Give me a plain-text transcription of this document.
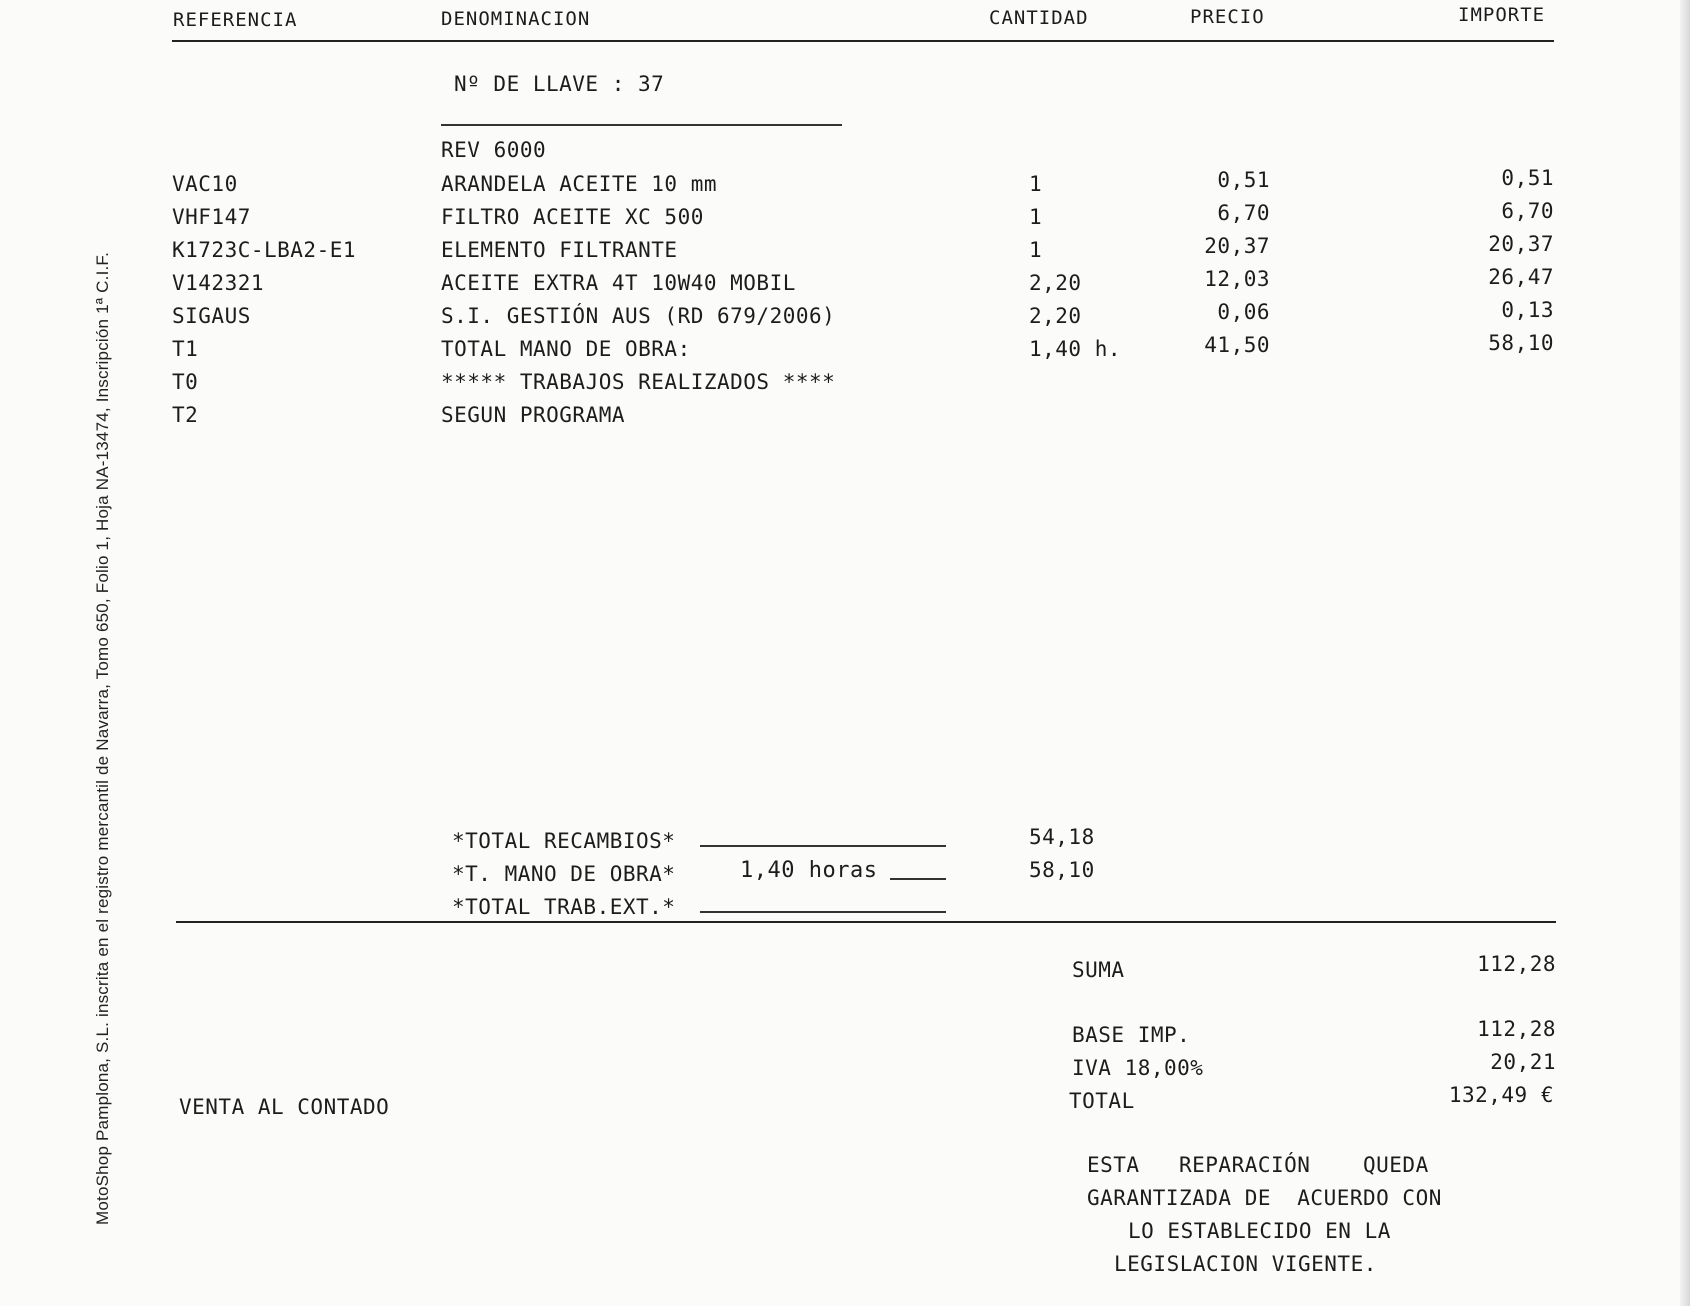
MotoShop Pamplona, S.L. inscrita en el registro mercantil de Navarra, Tomo 650, Folio 1, Hoja NA-13474, Inscripción 1ª C.I.F.
REFERENCIA	DENOMINACION	CANTIDAD	PRECIO	IMPORTE
Nº DE LLAVE : 37
REV 6000
VAC10	ARANDELA ACEITE 10 mm	1	0,51	0,51
VHF147	FILTRO ACEITE XC 500	1	6,70	6,70
K1723C-LBA2-E1	ELEMENTO FILTRANTE	1	20,37	20,37
V142321	ACEITE EXTRA 4T 10W40 MOBIL	2,20	12,03	26,47
SIGAUS	S.I. GESTIÓN AUS (RD 679/2006)	2,20	0,06	0,13
T1	TOTAL MANO DE OBRA:	1,40 h.	41,50	58,10
T0	***** TRABAJOS REALIZADOS ****
T2	SEGUN PROGRAMA
*TOTAL RECAMBIOS*	54,18
*T. MANO DE OBRA*	1,40 horas	58,10
*TOTAL TRAB.EXT.*
VENTA AL CONTADO
SUMA	112,28
BASE IMP.	112,28
IVA 18,00%	20,21
TOTAL	132,49 €
ESTA   REPARACIÓN    QUEDA
GARANTIZADA DE  ACUERDO CON
LO ESTABLECIDO EN LA
LEGISLACION VIGENTE.
